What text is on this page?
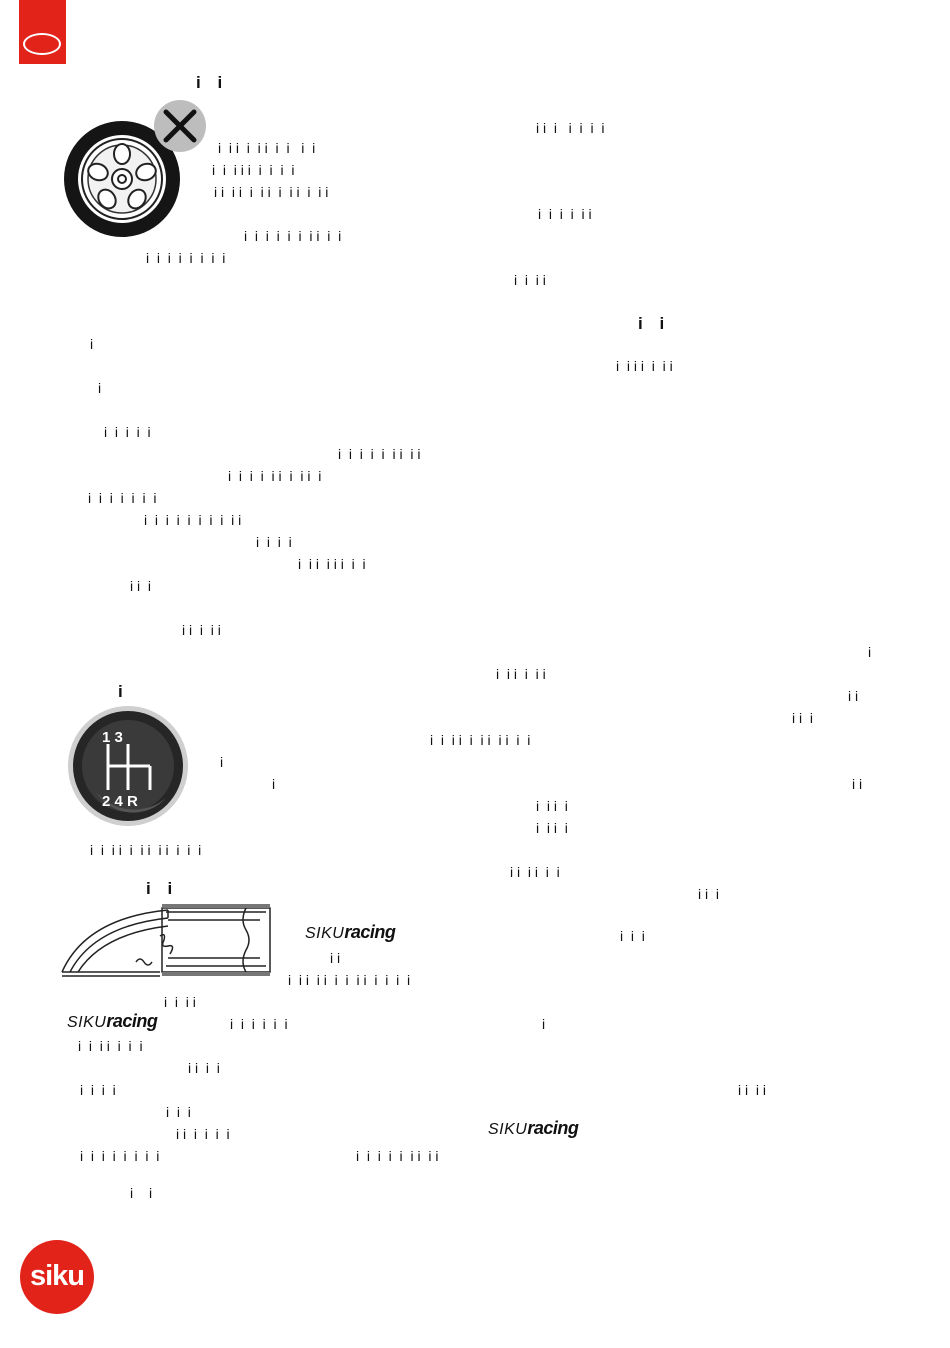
i i
i i
i
i i
i i
1 3
2 4 R
SIKUracing
SIKUracing
SIKUracing
i i  i   i  i  i  i
i  i i  i  i i  i  i   i  i
i  i  i i i  i  i  i  i
i i  i i  i  i i  i  i i  i  i i
i  i  i  i  i i
i  i  i  i  i  i  i i  i  i
i  i  i  i  i  i  i  i
i  i  i i
i
i  i i i  i  i i
i
i  i  i  i  i
i  i  i  i  i  i i  i i
i  i  i  i  i i  i  i i  i
i  i  i  i  i  i  i
i  i  i  i  i  i  i  i  i i
i  i  i  i
i  i i  i i i  i  i
i i  i
i i  i  i i
i
i  i i  i  i i
i i
i i  i
i  i  i i  i  i i  i i  i  i
i
i	i i
i  i i  i
i  i i  i
i  i  i i  i  i i  i i  i  i  i
i i  i i  i  i
i i  i
i  i  i
i i
i  i i  i i  i  i  i i  i  i  i  i
i  i  i i
i  i  i  i  i  i	i
i  i  i i  i  i  i
i i  i  i
i  i  i  i
i  i  i
i i  i i
i i  i  i  i  i
i  i  i  i  i  i  i  i	i  i  i  i  i  i i  i i
siku
